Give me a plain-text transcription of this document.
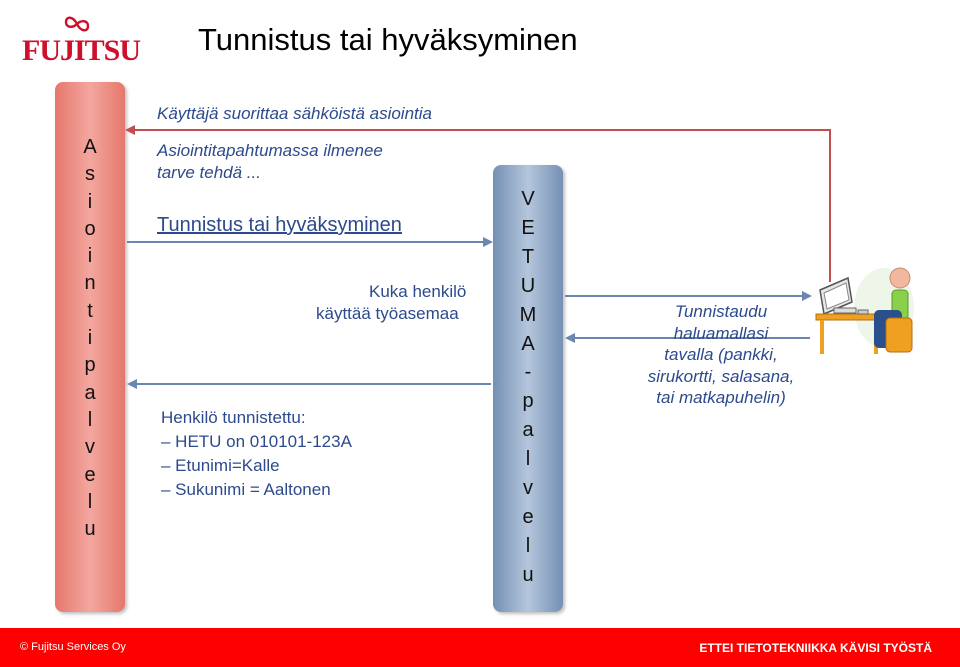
FUJITSU Tunnistus tai hyväksyminen
A
s
i
o
i
n
t
i
p
a
l
v
e
l
u
V
E
T
U
M
A
-
p
a
l
v
e
l
u
Käyttäjä suorittaa sähköistä asiointia
Asiointitapahtumassa ilmenee
tarve tehdä ...
Tunnistus tai hyväksyminen
Kuka henkilö
käyttää työasemaa
Henkilö tunnistettu:
– HETU on 010101-123A
– Etunimi=Kalle
– Sukunimi = Aaltonen
Tunnistaudu
haluamallasi
tavalla (pankki,
sirukortti, salasana,
tai matkapuhelin)
© Fujitsu Services Oy	ETTEI TIETOTEKNIIKKA KÄVISI TYÖSTÄ
